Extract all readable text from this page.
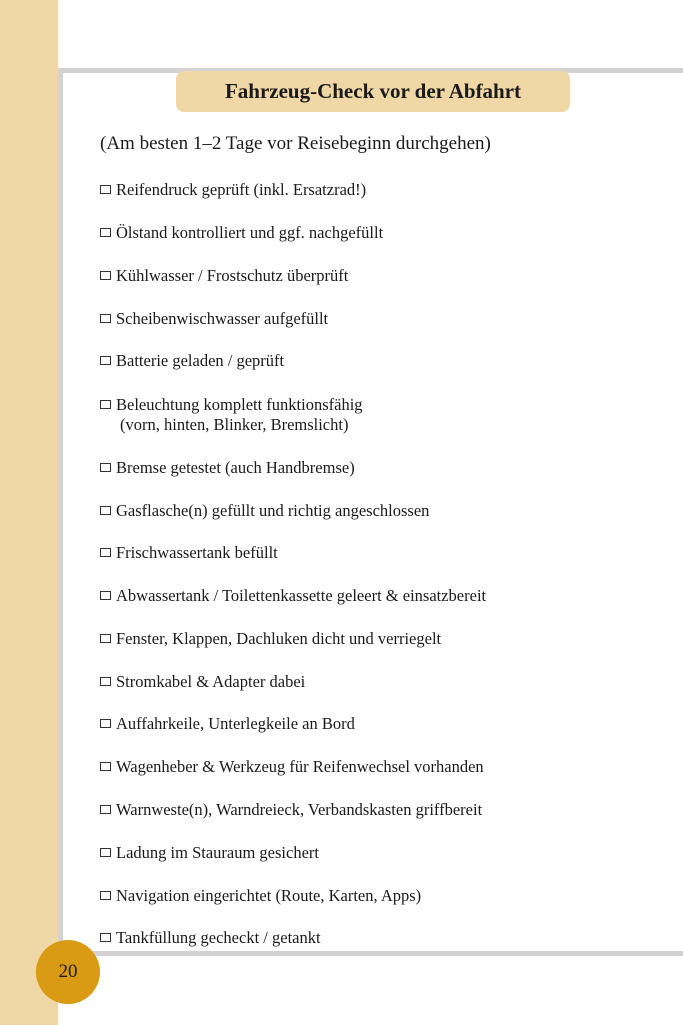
Fahrzeug-Check vor der Abfahrt
(Am besten 1–2 Tage vor Reisebeginn durchgehen)
Reifendruck geprüft (inkl. Ersatzrad!)
Ölstand kontrolliert und ggf. nachgefüllt
Kühlwasser / Frostschutz überprüft
Scheibenwischwasser aufgefüllt
Batterie geladen / geprüft
Beleuchtung komplett funktionsfähig
(vorn, hinten, Blinker, Bremslicht)
Bremse getestet (auch Handbremse)
Gasflasche(n) gefüllt und richtig angeschlossen
Frischwassertank befüllt
Abwassertank / Toilettenkassette geleert & einsatzbereit
Fenster, Klappen, Dachluken dicht und verriegelt
Stromkabel & Adapter dabei
Auffahrkeile, Unterlegkeile an Bord
Wagenheber & Werkzeug für Reifenwechsel vorhanden
Warnweste(n), Warndreieck, Verbandskasten griffbereit
Ladung im Stauraum gesichert
Navigation eingerichtet (Route, Karten, Apps)
Tankfüllung gecheckt / getankt
20
